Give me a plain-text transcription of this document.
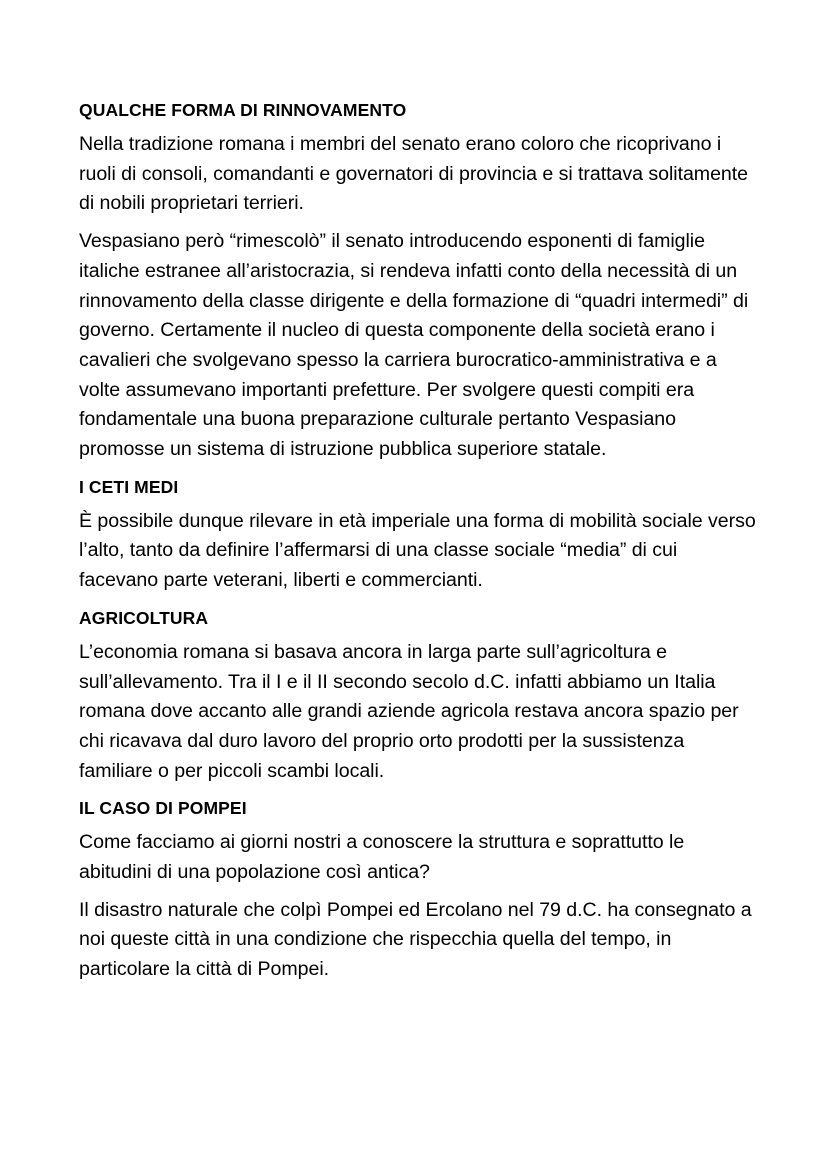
QUALCHE FORMA DI RINNOVAMENTO

Nella tradizione romana i membri del senato erano coloro che ricoprivano i ruoli di consoli, comandanti e governatori di provincia e si trattava solitamente di nobili proprietari terrieri.

Vespasiano però “rimescolò” il senato introducendo esponenti di famiglie italiche estranee all’aristocrazia, si rendeva infatti conto della necessità di un rinnovamento della classe dirigente e della formazione di “quadri intermedi” di governo. Certamente il nucleo di questa componente della società erano i cavalieri che svolgevano spesso la carriera burocratico-amministrativa e a volte assumevano importanti prefetture. Per svolgere questi compiti era fondamentale una buona preparazione culturale pertanto Vespasiano promosse un sistema di istruzione pubblica superiore statale.

I CETI MEDI

È possibile dunque rilevare in età imperiale una forma di mobilità sociale verso l’alto, tanto da definire l’affermarsi di una classe sociale “media” di cui facevano parte veterani, liberti e commercianti.

AGRICOLTURA

L’economia romana si basava ancora in larga parte sull’agricoltura e sull’allevamento. Tra il I e il II secondo secolo d.C. infatti abbiamo un Italia romana dove accanto alle grandi aziende agricola restava ancora spazio per chi ricavava dal duro lavoro del proprio orto prodotti per la sussistenza familiare o per piccoli scambi locali.

IL CASO DI POMPEI

Come facciamo ai giorni nostri a conoscere la struttura e soprattutto le abitudini di una popolazione così antica?

Il disastro naturale che colpì Pompei ed Ercolano nel 79 d.C. ha consegnato a noi queste città in una condizione che rispecchia quella del tempo, in particolare la città di Pompei.
